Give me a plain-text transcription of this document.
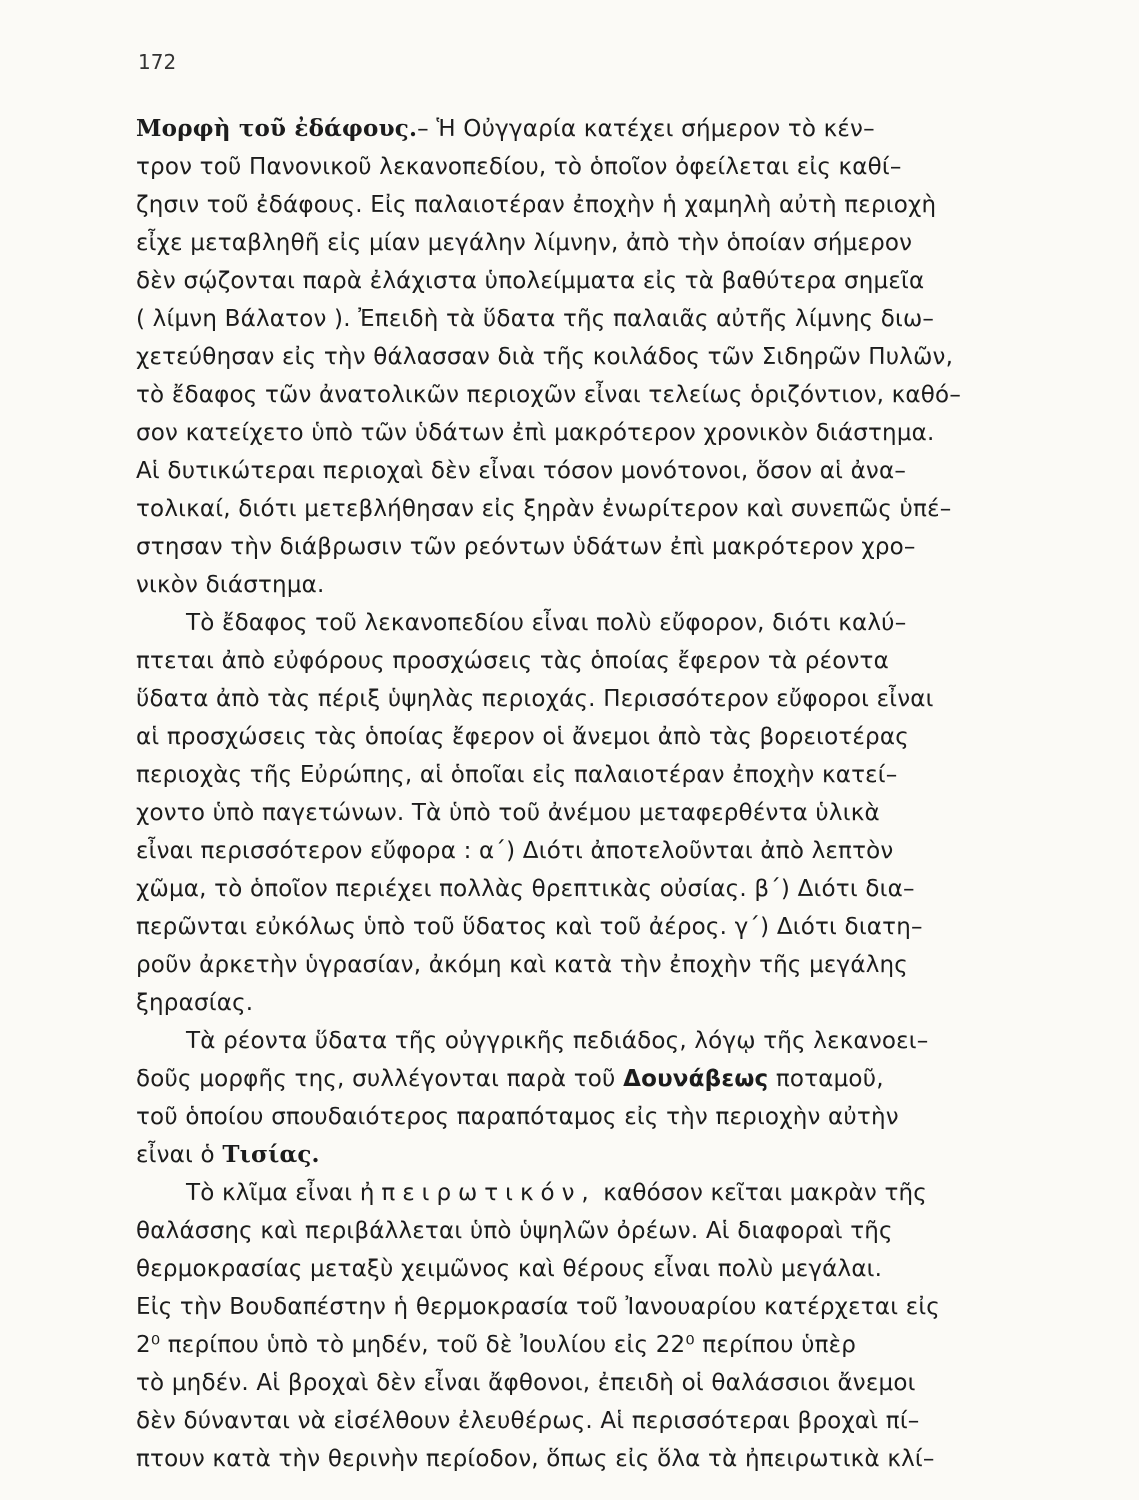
172
Μορφὴ τοῦ ἐδάφους.– Ἡ Οὐγγαρία κατέχει σήμερον τὸ κέν–
τρον τοῦ Πανονικοῦ λεκανοπεδίου, τὸ ὁποῖον ὀφείλεται εἰς καθί–
ζησιν τοῦ ἐδάφους. Εἰς παλαιοτέραν ἐποχὴν ἡ χαμηλὴ αὐτὴ περιοχὴ
εἶχε μεταβληθῆ εἰς μίαν μεγάλην λίμνην, ἀπὸ τὴν ὁποίαν σήμερον
δὲν σῴζονται παρὰ ἐλάχιστα ὑπολείμματα εἰς τὰ βαθύτερα σημεῖα
( λίμνη Βάλατον ). Ἐπειδὴ τὰ ὕδατα τῆς παλαιᾶς αὐτῆς λίμνης διω–
χετεύθησαν εἰς τὴν θάλασσαν διὰ τῆς κοιλάδος τῶν Σιδηρῶν Πυλῶν,
τὸ ἔδαφος τῶν ἀνατολικῶν περιοχῶν εἶναι τελείως ὁριζόντιον, καθό–
σον κατείχετο ὑπὸ τῶν ὑδάτων ἐπὶ μακρότερον χρονικὸν διάστημα.
Αἱ δυτικώτεραι περιοχαὶ δὲν εἶναι τόσον μονότονοι, ὅσον αἱ ἀνα–
τολικαί, διότι μετεβλήθησαν εἰς ξηρὰν ἐνωρίτερον καὶ συνεπῶς ὑπέ–
στησαν τὴν διάβρωσιν τῶν ρεόντων ὑδάτων ἐπὶ μακρότερον χρο–
νικὸν διάστημα.
Τὸ ἔδαφος τοῦ λεκανοπεδίου εἶναι πολὺ εὔφορον, διότι καλύ–
πτεται ἀπὸ εὐφόρους προσχώσεις τὰς ὁποίας ἔφερον τὰ ρέοντα
ὕδατα ἀπὸ τὰς πέριξ ὑψηλὰς περιοχάς. Περισσότερον εὔφοροι εἶναι
αἱ προσχώσεις τὰς ὁποίας ἔφερον οἱ ἄνεμοι ἀπὸ τὰς βορειοτέρας
περιοχὰς τῆς Εὐρώπης, αἱ ὁποῖαι εἰς παλαιοτέραν ἐποχὴν κατεί–
χοντο ὑπὸ παγετώνων. Τὰ ὑπὸ τοῦ ἀνέμου μεταφερθέντα ὑλικὰ
εἶναι περισσότερον εὔφορα : α΄) Διότι ἀποτελοῦνται ἀπὸ λεπτὸν
χῶμα, τὸ ὁποῖον περιέχει πολλὰς θρεπτικὰς οὐσίας. β΄) Διότι δια–
περῶνται εὐκόλως ὑπὸ τοῦ ὕδατος καὶ τοῦ ἀέρος. γ΄) Διότι διατη–
ροῦν ἀρκετὴν ὑγρασίαν, ἀκόμη καὶ κατὰ τὴν ἐποχὴν τῆς μεγάλης
ξηρασίας.
Τὰ ρέοντα ὕδατα τῆς οὐγγρικῆς πεδιάδος, λόγῳ τῆς λεκανοει–
δοῦς μορφῆς της, συλλέγονται παρὰ τοῦ Δουνάβεως ποταμοῦ,
τοῦ ὁποίου σπουδαιότερος παραπόταμος εἰς τὴν περιοχὴν αὐτὴν
εἶναι ὁ Τισίας.
Τὸ κλῖμα εἶναι ἠπειρωτικόν, καθόσον κεῖται μακρὰν τῆς
θαλάσσης καὶ περιβάλλεται ὑπὸ ὑψηλῶν ὀρέων. Αἱ διαφοραὶ τῆς
θερμοκρασίας μεταξὺ χειμῶνος καὶ θέρους εἶναι πολὺ μεγάλαι.
Εἰς τὴν Βουδαπέστην ἡ θερμοκρασία τοῦ Ἰανουαρίου κατέρχεται εἰς
2⁰ περίπου ὑπὸ τὸ μηδέν, τοῦ δὲ Ἰουλίου εἰς 22⁰ περίπου ὑπὲρ
τὸ μηδέν. Αἱ βροχαὶ δὲν εἶναι ἄφθονοι, ἐπειδὴ οἱ θαλάσσιοι ἄνεμοι
δὲν δύνανται νὰ εἰσέλθουν ἐλευθέρως. Αἱ περισσότεραι βροχαὶ πί–
πτουν κατὰ τὴν θερινὴν περίοδον, ὅπως εἰς ὅλα τὰ ἠπειρωτικὰ κλί–
